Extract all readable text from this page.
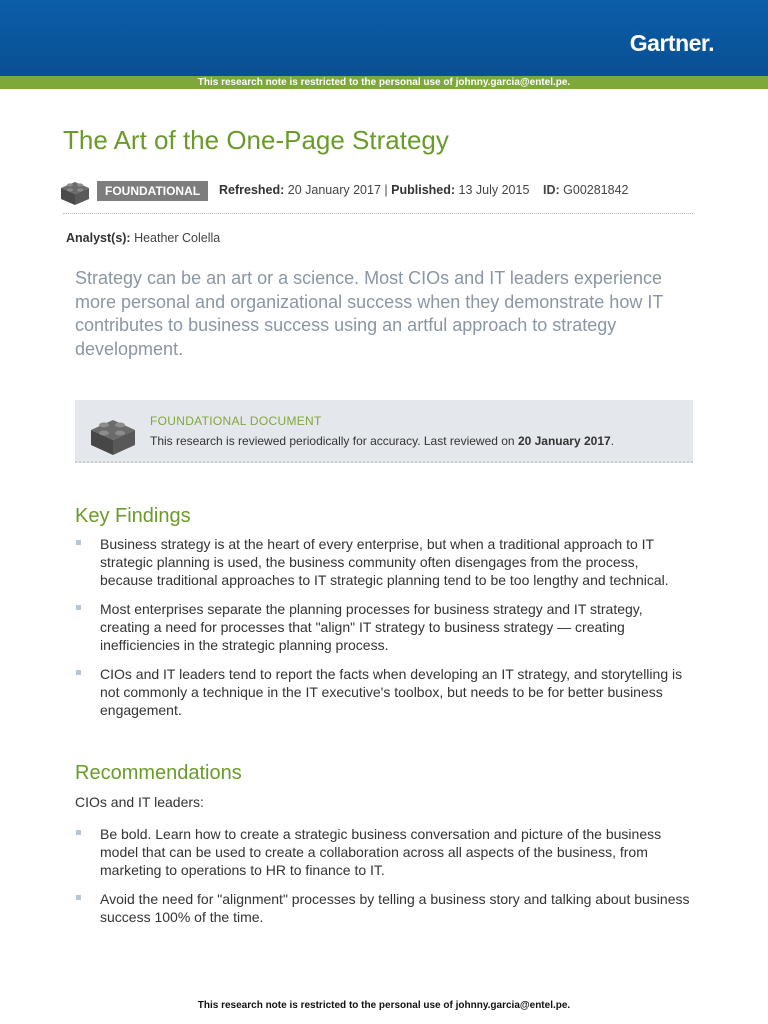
Gartner.
This research note is restricted to the personal use of johnny.garcia@entel.pe.
The Art of the One-Page Strategy
FOUNDATIONAL	Refreshed: 20 January 2017 | Published: 13 July 2015 ID: G00281842
Analyst(s): Heather Colella
Strategy can be an art or a science. Most CIOs and IT leaders experience more personal and organizational success when they demonstrate how IT contributes to business success using an artful approach to strategy development.
FOUNDATIONAL DOCUMENT
This research is reviewed periodically for accuracy. Last reviewed on 20 January 2017.
Key Findings
Business strategy is at the heart of every enterprise, but when a traditional approach to IT strategic planning is used, the business community often disengages from the process, because traditional approaches to IT strategic planning tend to be too lengthy and technical.
Most enterprises separate the planning processes for business strategy and IT strategy, creating a need for processes that "align" IT strategy to business strategy — creating inefficiencies in the strategic planning process.
CIOs and IT leaders tend to report the facts when developing an IT strategy, and storytelling is not commonly a technique in the IT executive's toolbox, but needs to be for better business engagement.
Recommendations
CIOs and IT leaders:
Be bold. Learn how to create a strategic business conversation and picture of the business model that can be used to create a collaboration across all aspects of the business, from marketing to operations to HR to finance to IT.
Avoid the need for "alignment" processes by telling a business story and talking about business success 100% of the time.
This research note is restricted to the personal use of johnny.garcia@entel.pe.
